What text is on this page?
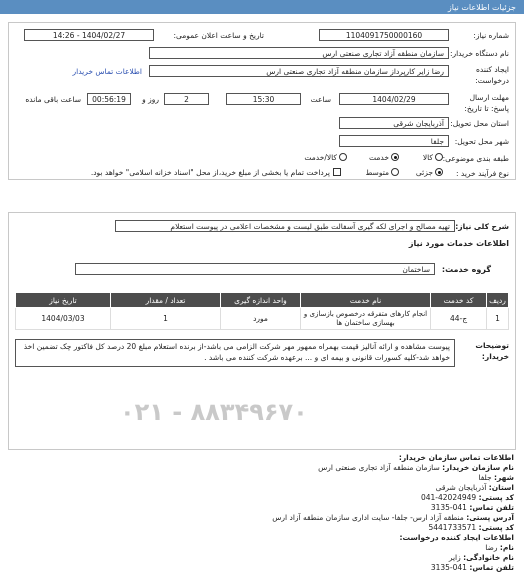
جزئیات اطلاعات نیاز
شماره نیاز:
1104091750000160
تاریخ و ساعت اعلان عمومی:
1404/02/27 - 14:26
نام دستگاه خریدار:
سازمان منطقه آزاد تجاری صنعتی ارس
ایجاد کننده درخواست:
رضا زایر کارپرداز سازمان منطقه آزاد تجاری صنعتی ارس
اطلاعات تماس خریدار
مهلت ارسال پاسخ: تا تاریخ:
1404/02/29
ساعت
15:30
2
روز و
00:56:19
ساعت باقی مانده
استان محل تحویل:
آذربایجان شرقی
شهر محل تحویل:
جلفا
طبقه بندی موضوعی:
کالا
خدمت
کالا/خدمت
نوع فرآیند خرید :
جزئی
متوسط
پرداخت تمام یا بخشی از مبلغ خرید،از محل "اسناد خزانه اسلامی" خواهد بود.
شرح کلی نیاز:
تهیه مصالح و اجرای لکه گیری آسفالت طبق لیست و مشخصات اعلامی در پیوست استعلام
اطلاعات خدمات مورد نیاز
گروه خدمت:
ساختمان
ردیف	کد خدمت	نام خدمت	واحد اندازه گیری	تعداد / مقدار	تاریخ نیاز
1	ج-44	انجام کارهای متفرقه درخصوص بازسازی و بهسازی ساختمان ها	مورد	1	1404/03/03
توضیحات خریدار:
پیوست مشاهده و ارائه آنالیز قیمت بهمراه ممهور مهر شرکت الزامی می باشد-از برنده استعلام مبلغ 20 درصد کل فاکتور چک تضمین اخذ خواهد شد-کلیه کسورات قانونی و بیمه ای و ... برعهده شرکت کننده می باشد .
۰۲۱ - ۸۸۳۴۹۶۷۰
اطلاعات تماس سازمان خریدار:
نام سازمان خریدار: سازمان منطقه آزاد تجاری صنعتی ارس
شهر: جلفا
استان: آذربایجان شرقی
کد پستی: 42024949-041
تلفن تماس: 041-3135
آدرس پستی: منطقه آزاد ارس- جلفا- سایت اداری سازمان منطقه آزاد ارس
کد پستی: 5441733571
اطلاعات ایجاد کننده درخواست:
نام: رضا
نام خانوادگی: زایر
تلفن تماس: 041-3135
